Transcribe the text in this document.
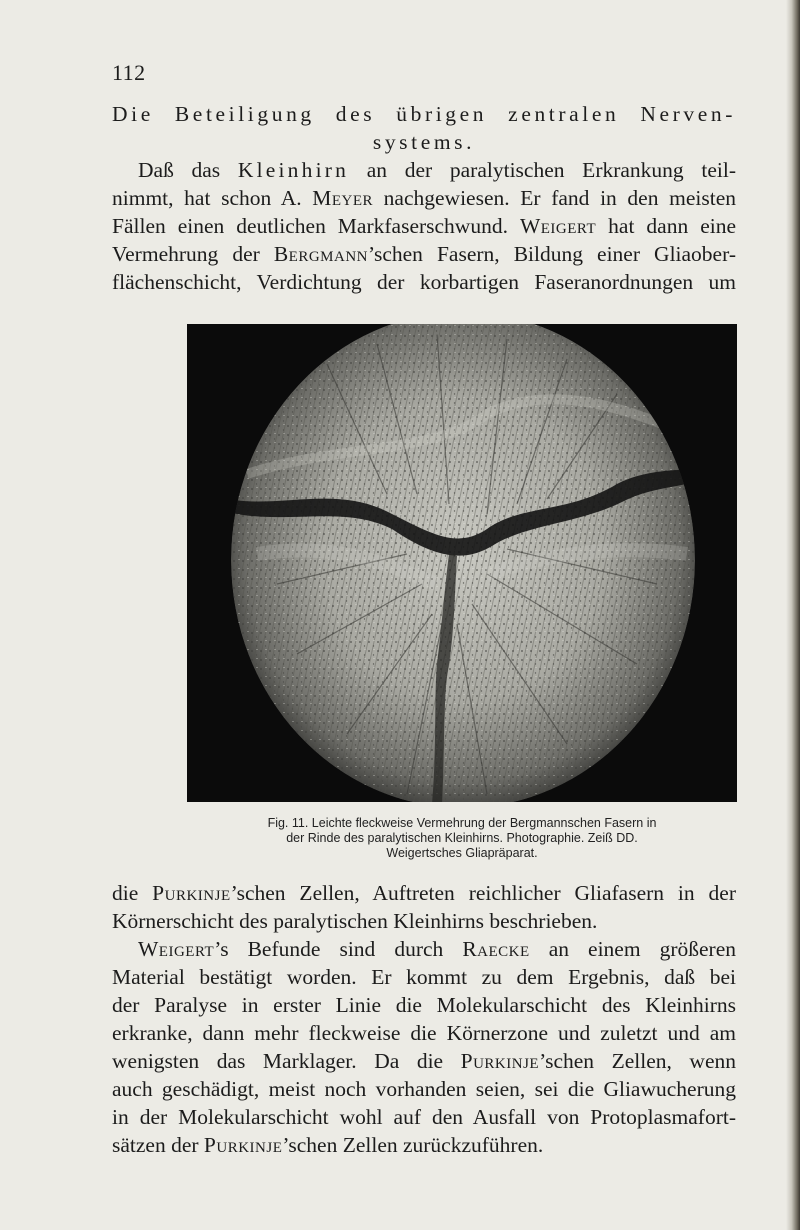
112
Die Beteiligung des übrigen zentralen Nerven-
systems.
Daß das Kleinhirn an der paralytischen Erkrankung teil-
nimmt, hat schon A. Meyer nachgewiesen. Er fand in den meisten
Fällen einen deutlichen Markfaserschwund. Weigert hat dann eine
Vermehrung der Bergmann’schen Fasern, Bildung einer Gliaober-
flächenschicht, Verdichtung der korbartigen Faseranordnungen um
Fig. 11. Leichte fleckweise Vermehrung der Bergmannschen Fasern in
der Rinde des paralytischen Kleinhirns. Photographie. Zeiß DD.
Weigertsches Gliapräparat.
die Purkinje’schen Zellen, Auftreten reichlicher Gliafasern in der
Körnerschicht des paralytischen Kleinhirns beschrieben.
Weigert’s Befunde sind durch Raecke an einem größeren
Material bestätigt worden. Er kommt zu dem Ergebnis, daß bei
der Paralyse in erster Linie die Molekularschicht des Kleinhirns
erkranke, dann mehr fleckweise die Körnerzone und zuletzt und am
wenigsten das Marklager. Da die Purkinje’schen Zellen, wenn
auch geschädigt, meist noch vorhanden seien, sei die Gliawucherung
in der Molekularschicht wohl auf den Ausfall von Protoplasmafort-
sätzen der Purkinje’schen Zellen zurückzuführen.
